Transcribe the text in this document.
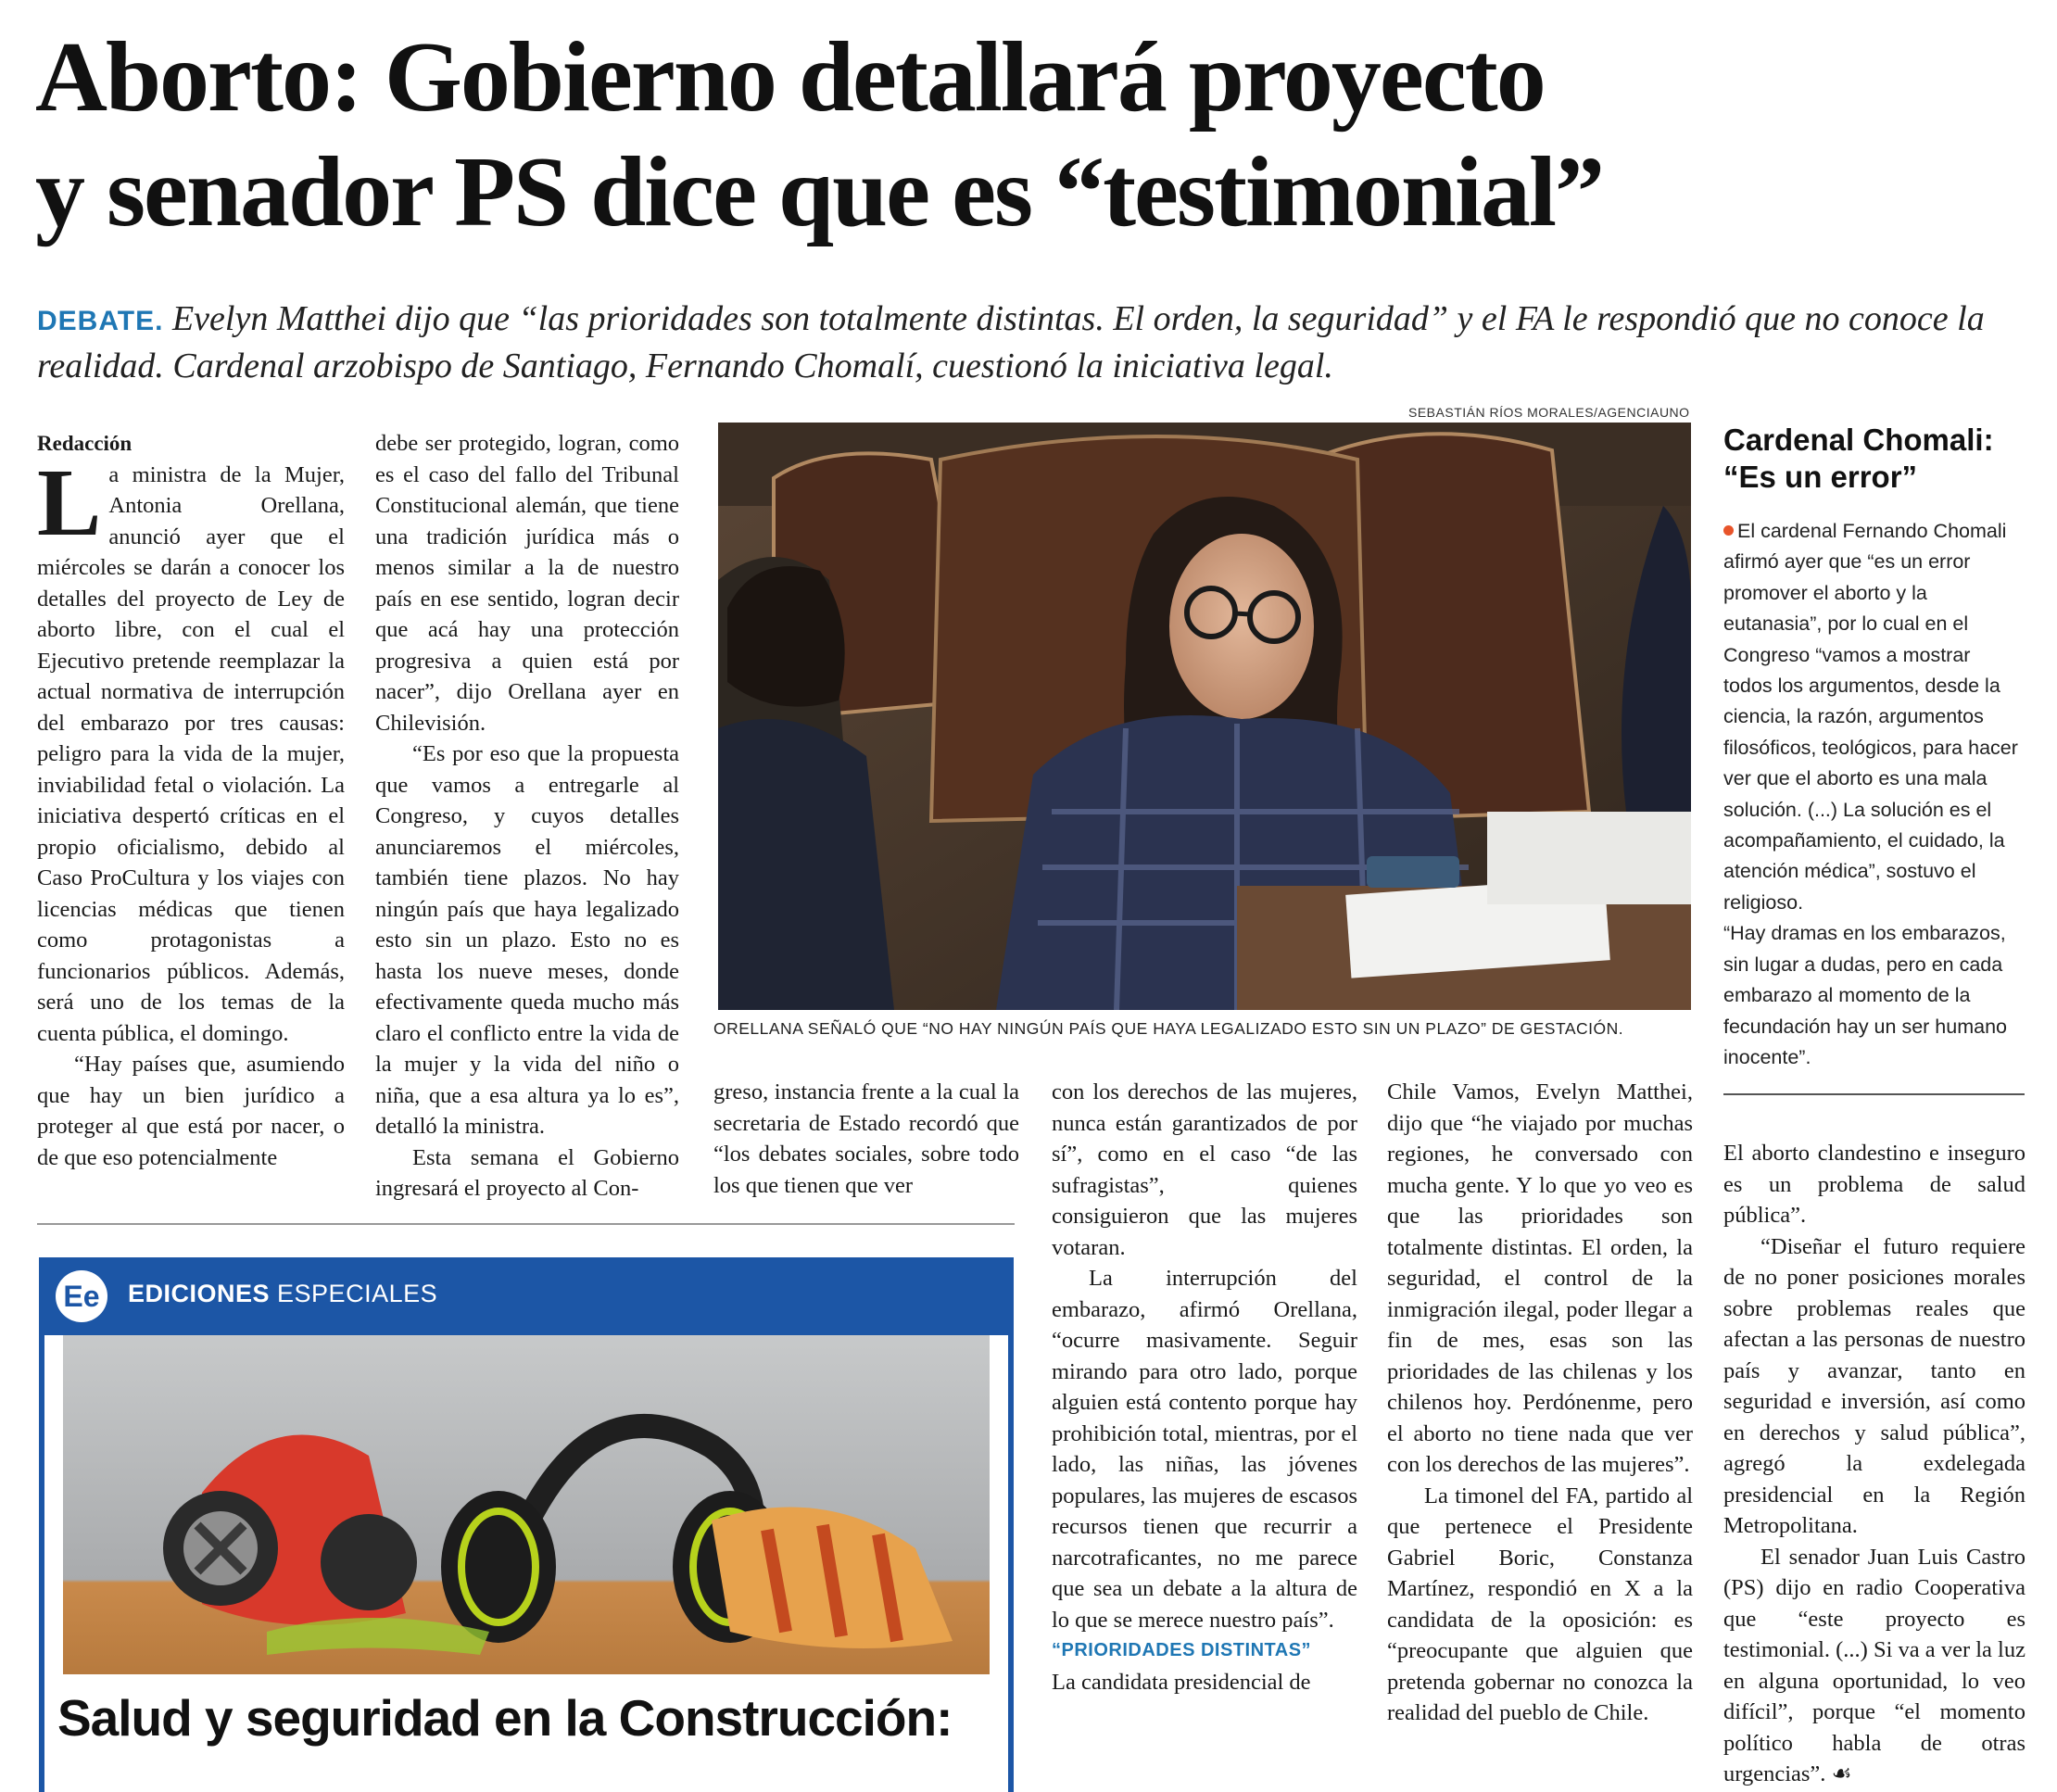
Aborto: Gobierno detallará proyecto
y senador PS dice que es “testimonial”
DEBATE. Evelyn Matthei dijo que “las prioridades son totalmente distintas. El orden, la seguridad” y el FA le respondió que no conoce la realidad. Cardenal arzobispo de Santiago, Fernando Chomalí, cuestionó la iniciativa legal.
SEBASTIÁN RÍOS MORALES/AGENCIAUNO

Redacción

La ministra de la Mujer, Antonia Orellana, anunció ayer que el miércoles se darán a conocer los detalles del proyecto de Ley de aborto libre, con el cual el Ejecutivo pretende reemplazar la actual normativa de interrupción del embarazo por tres causas: peligro para la vida de la mujer, inviabilidad fetal o violación. La iniciativa despertó críticas en el propio oficialismo, debido al Caso ProCultura y los viajes con licencias médicas que tienen como protagonistas a funcionarios públicos. Además, será uno de los temas de la cuenta pública, el domingo.

“Hay países que, asumiendo que hay un bien jurídico a proteger al que está por nacer, o de que eso potencialmente

debe ser protegido, logran, como es el caso del fallo del Tribunal Constitucional alemán, que tiene una tradición jurídica más o menos similar a la de nuestro país en ese sentido, logran decir que acá hay una protección progresiva a quien está por nacer”, dijo Orellana ayer en Chilevisión.

“Es por eso que la propuesta que vamos a entregarle al Congreso, y cuyos detalles anunciaremos el miércoles, también tiene plazos. No hay ningún país que haya legalizado esto sin un plazo. Esto no es hasta los nueve meses, donde efectivamente queda mucho más claro el conflicto entre la vida de la mujer y la vida del niño o niña, que a esa altura ya lo es”, detalló la ministra.

Esta semana el Gobierno ingresará el proyecto al Con-

ORELLANA SEÑALÓ QUE “NO HAY NINGÚN PAÍS QUE HAYA LEGALIZADO ESTO SIN UN PLAZO” DE GESTACIÓN.
Cardenal Chomali:
“Es un error”

El cardenal Fernando Chomali afirmó ayer que “es un error promover el aborto y la eutanasia”, por lo cual en el Congreso “vamos a mostrar todos los argumentos, desde la ciencia, la razón, argumentos filosóficos, teológicos, para hacer ver que el aborto es una mala solución. (...) La solución es el acompañamiento, el cuidado, la atención médica”, sostuvo el religioso.

“Hay dramas en los embarazos, sin lugar a dudas, pero en cada embarazo al momento de la fecundación hay un ser humano inocente”.

greso, instancia frente a la cual la secretaria de Estado recordó que “los debates sociales, sobre todo los que tienen que ver

con los derechos de las mujeres, nunca están garantizados de por sí”, como en el caso “de las sufragistas”, quienes consiguieron que las mujeres votaran.

La interrupción del embarazo, afirmó Orellana, “ocurre masivamente. Seguir mirando para otro lado, porque alguien está contento porque hay prohibición total, mientras, por el lado, las niñas, las jóvenes populares, las mujeres de escasos recursos tienen que recurrir a narcotraficantes, no me parece que sea un debate a la altura de lo que se merece nuestro país”.

“PRIORIDADES DISTINTAS”

La candidata presidencial de

Chile Vamos, Evelyn Matthei, dijo que “he viajado por muchas regiones, he conversado con mucha gente. Y lo que yo veo es que las prioridades son totalmente distintas. El orden, la seguridad, el control de la inmigración ilegal, poder llegar a fin de mes, esas son las prioridades de las chilenas y los chilenos hoy. Perdónenme, pero el aborto no tiene nada que ver con los derechos de las mujeres”.

La timonel del FA, partido al que pertenece el Presidente Gabriel Boric, Constanza Martínez, respondió en X a la candidata de la oposición: es “preocupante que alguien que pretenda gobernar no conozca la realidad del pueblo de Chile.

El aborto clandestino e inseguro es un problema de salud pública”.

“Diseñar el futuro requiere de no poner posiciones morales sobre problemas reales que afectan a las personas de nuestro país y avanzar, tanto en seguridad e inversión, así como en derechos y salud pública”, agregó la exdelegada presidencial en la Región Metropolitana.

El senador Juan Luis Castro (PS) dijo en radio Cooperativa que “este proyecto es testimonial. (...) Si va a ver la luz en alguna oportunidad, lo veo difícil”, porque “el momento político habla de otras urgencias”. ☙

Ee	EDICIONES ESPECIALES
Salud y seguridad en la Construcción:
